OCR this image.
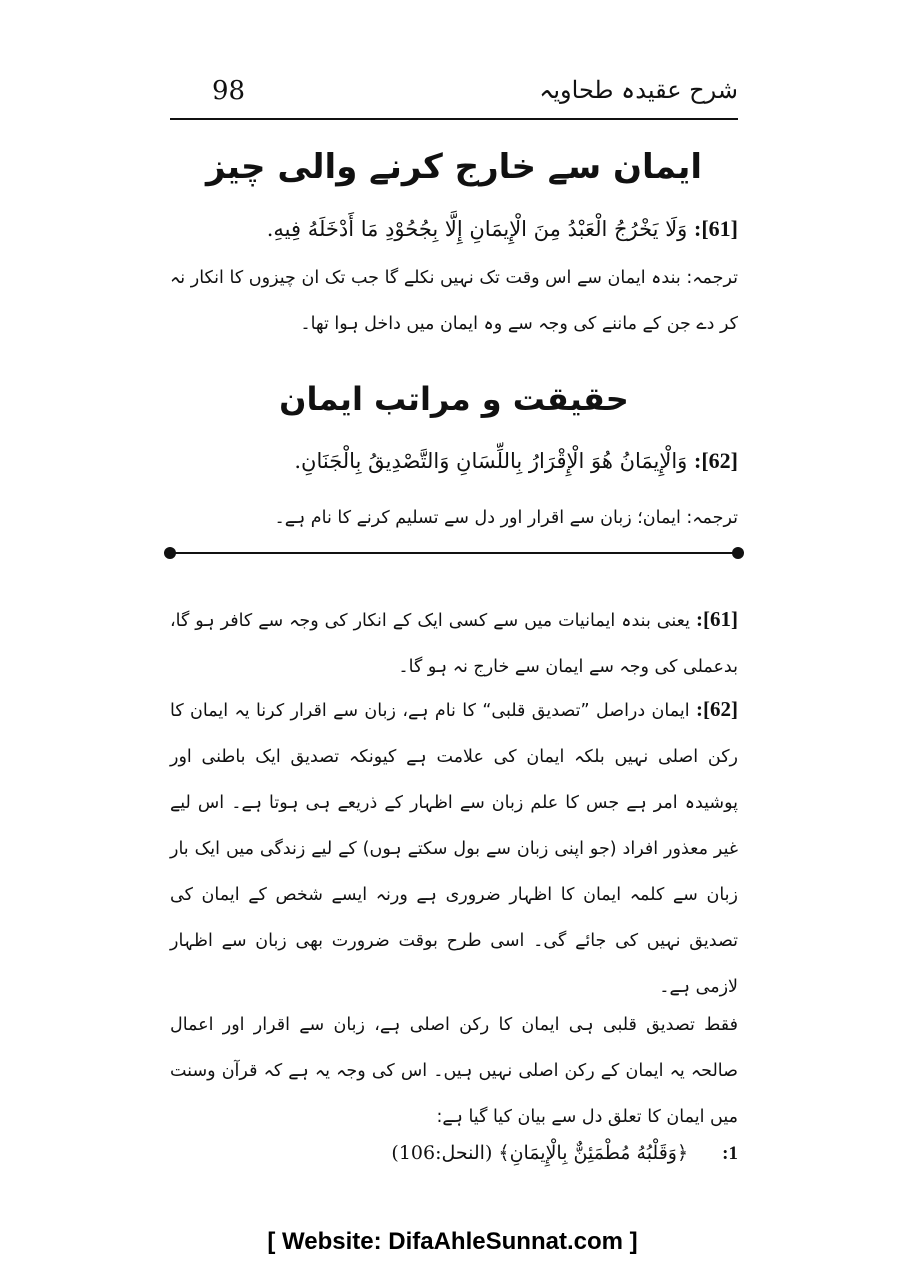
شرح عقیدہ طحاویہ
98
ایمان سے خارج کرنے والی چیز
[61]: وَلَا يَخْرُجُ الْعَبْدُ مِنَ الْإِيمَانِ إِلَّا بِجُحُوْدِ مَا أَدْخَلَهُ فِيهِ.
ترجمہ: بندہ ایمان سے اس وقت تک نہیں نکلے گا جب تک ان چیزوں کا انکار نہ کر دے جن کے ماننے کی وجہ سے وہ ایمان میں داخل ہوا تھا۔
حقیقت و مراتب ایمان
[62]: وَالْإِيمَانُ هُوَ الْإِقْرَارُ بِاللِّسَانِ وَالتَّصْدِيقُ بِالْجَنَانِ.
ترجمہ: ایمان؛ زبان سے اقرار اور دل سے تسلیم کرنے کا نام ہے۔
[61]: یعنی بندہ ایمانیات میں سے کسی ایک کے انکار کی وجہ سے کافر ہو گا، بدعملی کی وجہ سے ایمان سے خارج نہ ہو گا۔
[62]: ایمان دراصل ”تصدیق قلبی“ کا نام ہے، زبان سے اقرار کرنا یہ ایمان کا رکن اصلی نہیں بلکہ ایمان کی علامت ہے کیونکہ تصدیق ایک باطنی اور پوشیدہ امر ہے جس کا علم زبان سے اظہار کے ذریعے ہی ہوتا ہے۔ اس لیے غیر معذور افراد (جو اپنی زبان سے بول سکتے ہوں) کے لیے زندگی میں ایک بار زبان سے کلمہ ایمان کا اظہار ضروری ہے ورنہ ایسے شخص کے ایمان کی تصدیق نہیں کی جائے گی۔ اسی طرح بوقت ضرورت بھی زبان سے اظہار لازمی ہے۔
فقط تصدیق قلبی ہی ایمان کا رکن اصلی ہے، زبان سے اقرار اور اعمال صالحہ یہ ایمان کے رکن اصلی نہیں ہیں۔ اس کی وجہ یہ ہے کہ قرآن وسنت میں ایمان کا تعلق دل سے بیان کیا گیا ہے:
1: ﴿وَقَلْبُهُ مُطْمَئِنٌّ بِالْإِيمَانِ﴾ (النحل:106)
[ Website: DifaAhleSunnat.com ]
